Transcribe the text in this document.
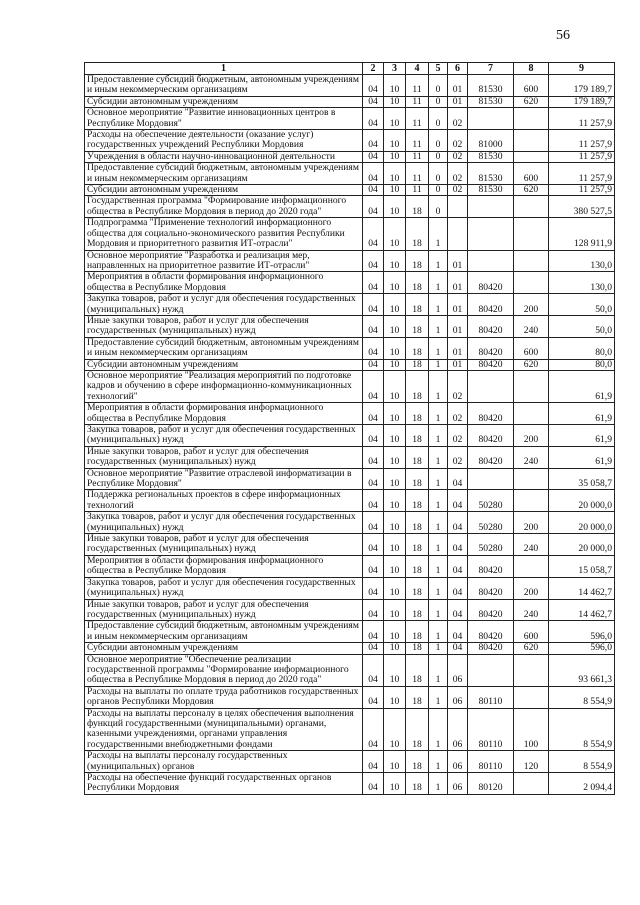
56
1	2	3	4	5	6	7	8	9
Предоставление субсидий бюджетным, автономным учреждениям и иным некоммерческим организациям	04	10	11	0	01	81530	600	179 189,7
Субсидии автономным учреждениям	04	10	11	0	01	81530	620	179 189,7
Основное мероприятие "Развитие инновационных центров в Республике Мордовия"	04	10	11	0	02			11 257,9
Расходы на обеспечение деятельности (оказание услуг) государственных учреждений Республики Мордовия	04	10	11	0	02	81000		11 257,9
Учреждения в области научно-инновационной деятельности	04	10	11	0	02	81530		11 257,9
Предоставление субсидий бюджетным, автономным учреждениям и иным некоммерческим организациям	04	10	11	0	02	81530	600	11 257,9
Субсидии автономным учреждениям	04	10	11	0	02	81530	620	11 257,9
Государственная программа "Формирование информационного общества в Республике Мордовия в период до 2020 года"	04	10	18	0				380 527,5
Подпрограмма "Применение технологий информационного общества для социально-экономического развития Республики Мордовия и приоритетного развития ИТ-отрасли"	04	10	18	1				128 911,9
Основное мероприятие "Разработка и реализация мер, направленных на приоритетное развитие ИТ-отрасли"	04	10	18	1	01			130,0
Мероприятия в области формирования информационного общества в Республике Мордовия	04	10	18	1	01	80420		130,0
Закупка товаров, работ и услуг для обеспечения государственных (муниципальных) нужд	04	10	18	1	01	80420	200	50,0
Иные закупки товаров, работ и услуг для обеспечения государственных (муниципальных) нужд	04	10	18	1	01	80420	240	50,0
Предоставление субсидий бюджетным, автономным учреждениям и иным некоммерческим организациям	04	10	18	1	01	80420	600	80,0
Субсидии автономным учреждениям	04	10	18	1	01	80420	620	80,0
Основное мероприятие "Реализация мероприятий по подготовке кадров и обучению в сфере информационно-коммуникационных технологий"	04	10	18	1	02			61,9
Мероприятия в области формирования информационного общества в Республике Мордовия	04	10	18	1	02	80420		61,9
Закупка товаров, работ и услуг для обеспечения государственных (муниципальных) нужд	04	10	18	1	02	80420	200	61,9
Иные закупки товаров, работ и услуг для обеспечения государственных (муниципальных) нужд	04	10	18	1	02	80420	240	61,9
Основное мероприятие "Развитие отраслевой информатизации в Республике Мордовия"	04	10	18	1	04			35 058,7
Поддержка региональных проектов в сфере информационных технологий	04	10	18	1	04	50280		20 000,0
Закупка товаров, работ и услуг для обеспечения государственных (муниципальных) нужд	04	10	18	1	04	50280	200	20 000,0
Иные закупки товаров, работ и услуг для обеспечения государственных (муниципальных) нужд	04	10	18	1	04	50280	240	20 000,0
Мероприятия в области формирования информационного общества в Республике Мордовия	04	10	18	1	04	80420		15 058,7
Закупка товаров, работ и услуг для обеспечения государственных (муниципальных) нужд	04	10	18	1	04	80420	200	14 462,7
Иные закупки товаров, работ и услуг для обеспечения государственных (муниципальных) нужд	04	10	18	1	04	80420	240	14 462,7
Предоставление субсидий бюджетным, автономным учреждениям и иным некоммерческим организациям	04	10	18	1	04	80420	600	596,0
Субсидии автономным учреждениям	04	10	18	1	04	80420	620	596,0
Основное мероприятие "Обеспечение реализации государственной программы "Формирование информационного общества в Республике Мордовия в период до 2020 года"	04	10	18	1	06			93 661,3
Расходы на выплаты по оплате труда работников государственных органов Республики Мордовия	04	10	18	1	06	80110		8 554,9
Расходы на выплаты персоналу в целях обеспечения выполнения функций государственными (муниципальными) органами, казенными учреждениями, органами управления государственными внебюджетными фондами	04	10	18	1	06	80110	100	8 554,9
Расходы на выплаты персоналу государственных (муниципальных) органов	04	10	18	1	06	80110	120	8 554,9
Расходы на обеспечение функций государственных органов Республики Мордовия	04	10	18	1	06	80120		2 094,4
